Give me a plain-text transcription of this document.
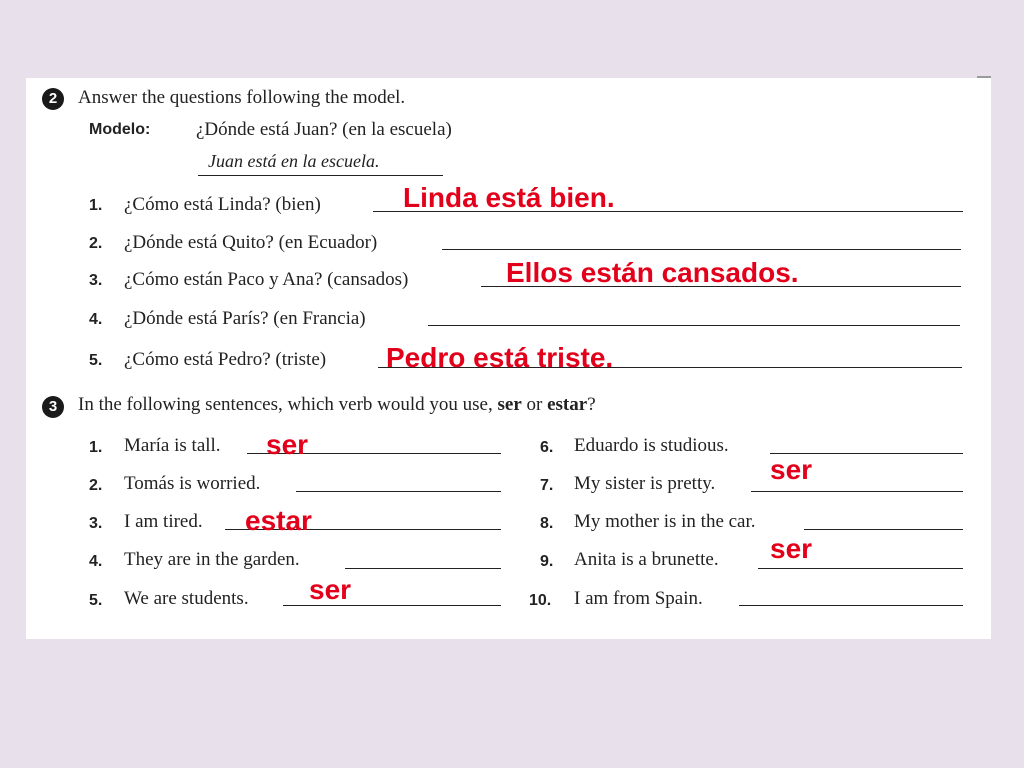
2	Answer the questions following the model.
Modelo: ¿Dónde está Juan? (en la escuela)
Juan está en la escuela.
1. ¿Cómo está Linda? (bien)	Linda está bien.
2. ¿Dónde está Quito? (en Ecuador)
3. ¿Cómo están Paco y Ana? (cansados)	Ellos están cansados.
4. ¿Dónde está París? (en Francia)
5. ¿Cómo está Pedro? (triste) Pedro está triste.
3	In the following sentences, which verb would you use, ser or estar?
1. María is tall. ser
2. Tomás is worried.
3. I am tired. estar
4. They are in the garden.
5. We are students. ser
6. Eduardo is studious.
7. My sister is pretty. ser
8. My mother is in the car.
9. Anita is a brunette. ser
10. I am from Spain.
